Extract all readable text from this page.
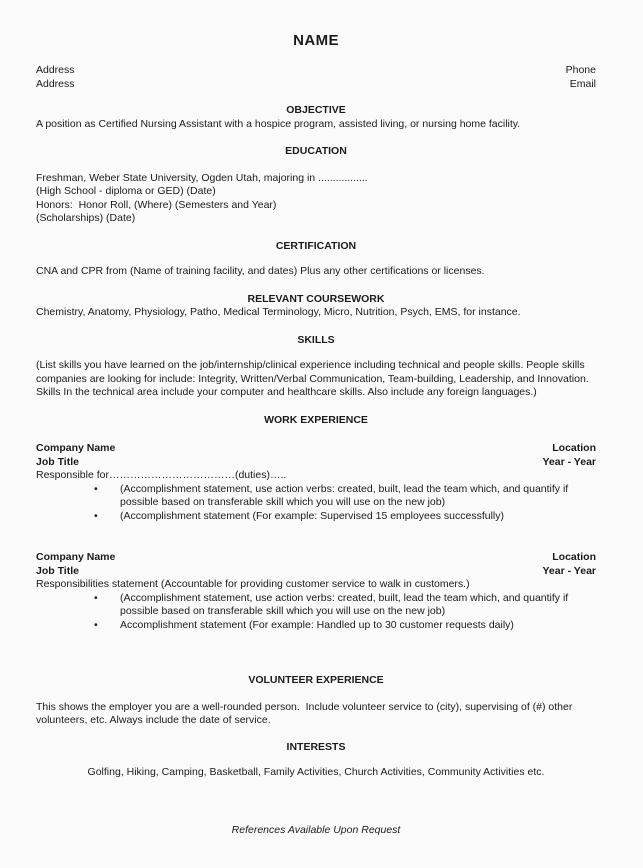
NAME
Address	Phone
Address	Email
OBJECTIVE
A position as Certified Nursing Assistant with a hospice program, assisted living, or nursing home facility.
EDUCATION
Freshman, Weber State University, Ogden Utah, majoring in .................
(High School - diploma or GED) (Date)
Honors:  Honor Roll, (Where) (Semesters and Year)
(Scholarships) (Date)
CERTIFICATION
CNA and CPR from (Name of training facility, and dates) Plus any other certifications or licenses.
RELEVANT COURSEWORK
Chemistry, Anatomy, Physiology, Patho, Medical Terminology, Micro, Nutrition, Psych, EMS, for instance.
SKILLS
(List skills you have learned on the job/internship/clinical experience including technical and people skills. People skills companies are looking for include: Integrity, Written/Verbal Communication, Team-building, Leadership, and Innovation. Skills In the technical area include your computer and healthcare skills. Also include any foreign languages.)
WORK EXPERIENCE
Company Name	Location
Job Title	Year - Year
Responsible for………………………………(duties)…..
•	(Accomplishment statement, use action verbs: created, built, lead the team which, and quantify if possible based on transferable skill which you will use on the new job)
•	(Accomplishment statement (For example: Supervised 15 employees successfully)
Company Name	Location
Job Title	Year - Year
Responsibilities statement (Accountable for providing customer service to walk in customers.)
•	(Accomplishment statement, use action verbs: created, built, lead the team which, and quantify if possible based on transferable skill which you will use on the new job)
•	Accomplishment statement (For example: Handled up to 30 customer requests daily)
VOLUNTEER EXPERIENCE
This shows the employer you are a well-rounded person.  Include volunteer service to (city), supervising of (#) other volunteers, etc. Always include the date of service.
INTERESTS
Golfing, Hiking, Camping, Basketball, Family Activities, Church Activities, Community Activities etc.
References Available Upon Request
